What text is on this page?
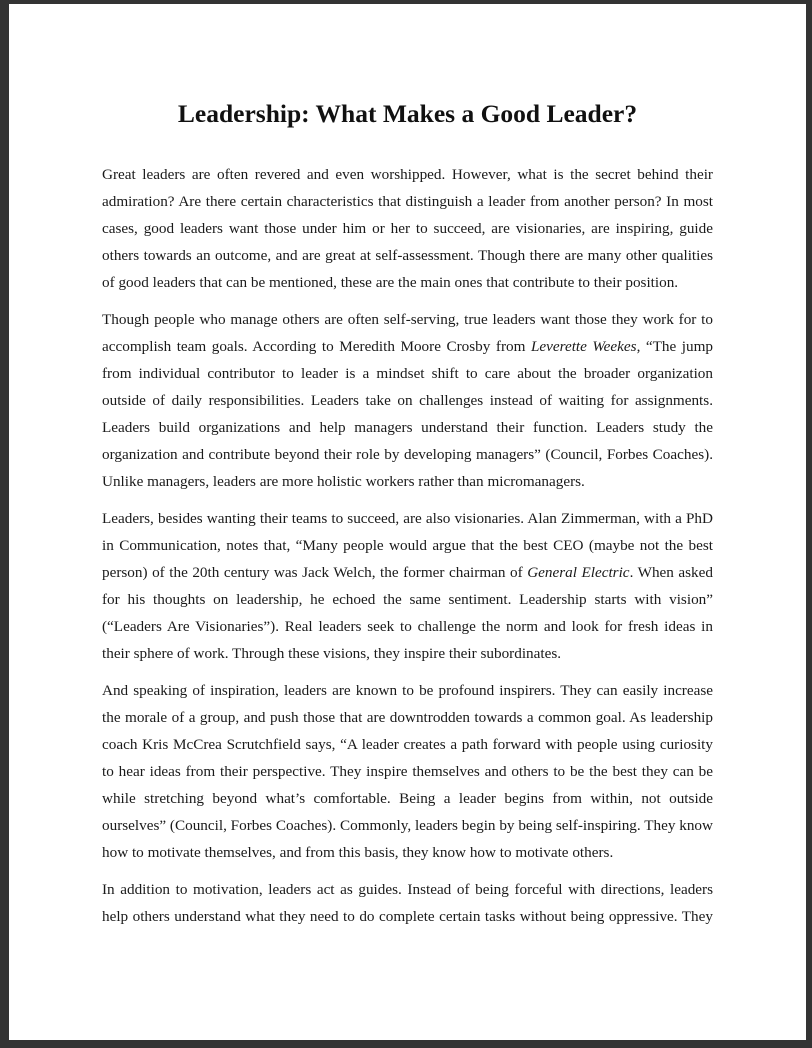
Leadership: What Makes a Good Leader?

Great leaders are often revered and even worshipped. However, what is the secret behind their admiration? Are there certain characteristics that distinguish a leader from another person? In most cases, good leaders want those under him or her to succeed, are visionaries, are inspiring, guide others towards an outcome, and are great at self-assessment. Though there are many other qualities of good leaders that can be mentioned, these are the main ones that contribute to their position.

Though people who manage others are often self-serving, true leaders want those they work for to accomplish team goals. According to Meredith Moore Crosby from Leverette Weekes, “The jump from individual contributor to leader is a mindset shift to care about the broader organization outside of daily responsibilities. Leaders take on challenges instead of waiting for assignments. Leaders build organizations and help managers understand their function. Leaders study the organization and contribute beyond their role by developing managers” (Council, Forbes Coaches). Unlike managers, leaders are more holistic workers rather than micromanagers.

Leaders, besides wanting their teams to succeed, are also visionaries. Alan Zimmerman, with a PhD in Communication, notes that, “Many people would argue that the best CEO (maybe not the best person) of the 20th century was Jack Welch, the former chairman of General Electric. When asked for his thoughts on leadership, he echoed the same sentiment. Leadership starts with vision” (“Leaders Are Visionaries”). Real leaders seek to challenge the norm and look for fresh ideas in their sphere of work. Through these visions, they inspire their subordinates.

And speaking of inspiration, leaders are known to be profound inspirers. They can easily increase the morale of a group, and push those that are downtrodden towards a common goal. As leadership coach Kris McCrea Scrutchfield says, “A leader creates a path forward with people using curiosity to hear ideas from their perspective. They inspire themselves and others to be the best they can be while stretching beyond what’s comfortable. Being a leader begins from within, not outside ourselves” (Council, Forbes Coaches). Commonly, leaders begin by being self-inspiring. They know how to motivate themselves, and from this basis, they know how to motivate others.

In addition to motivation, leaders act as guides. Instead of being forceful with directions, leaders help others understand what they need to do complete certain tasks without being oppressive. They
